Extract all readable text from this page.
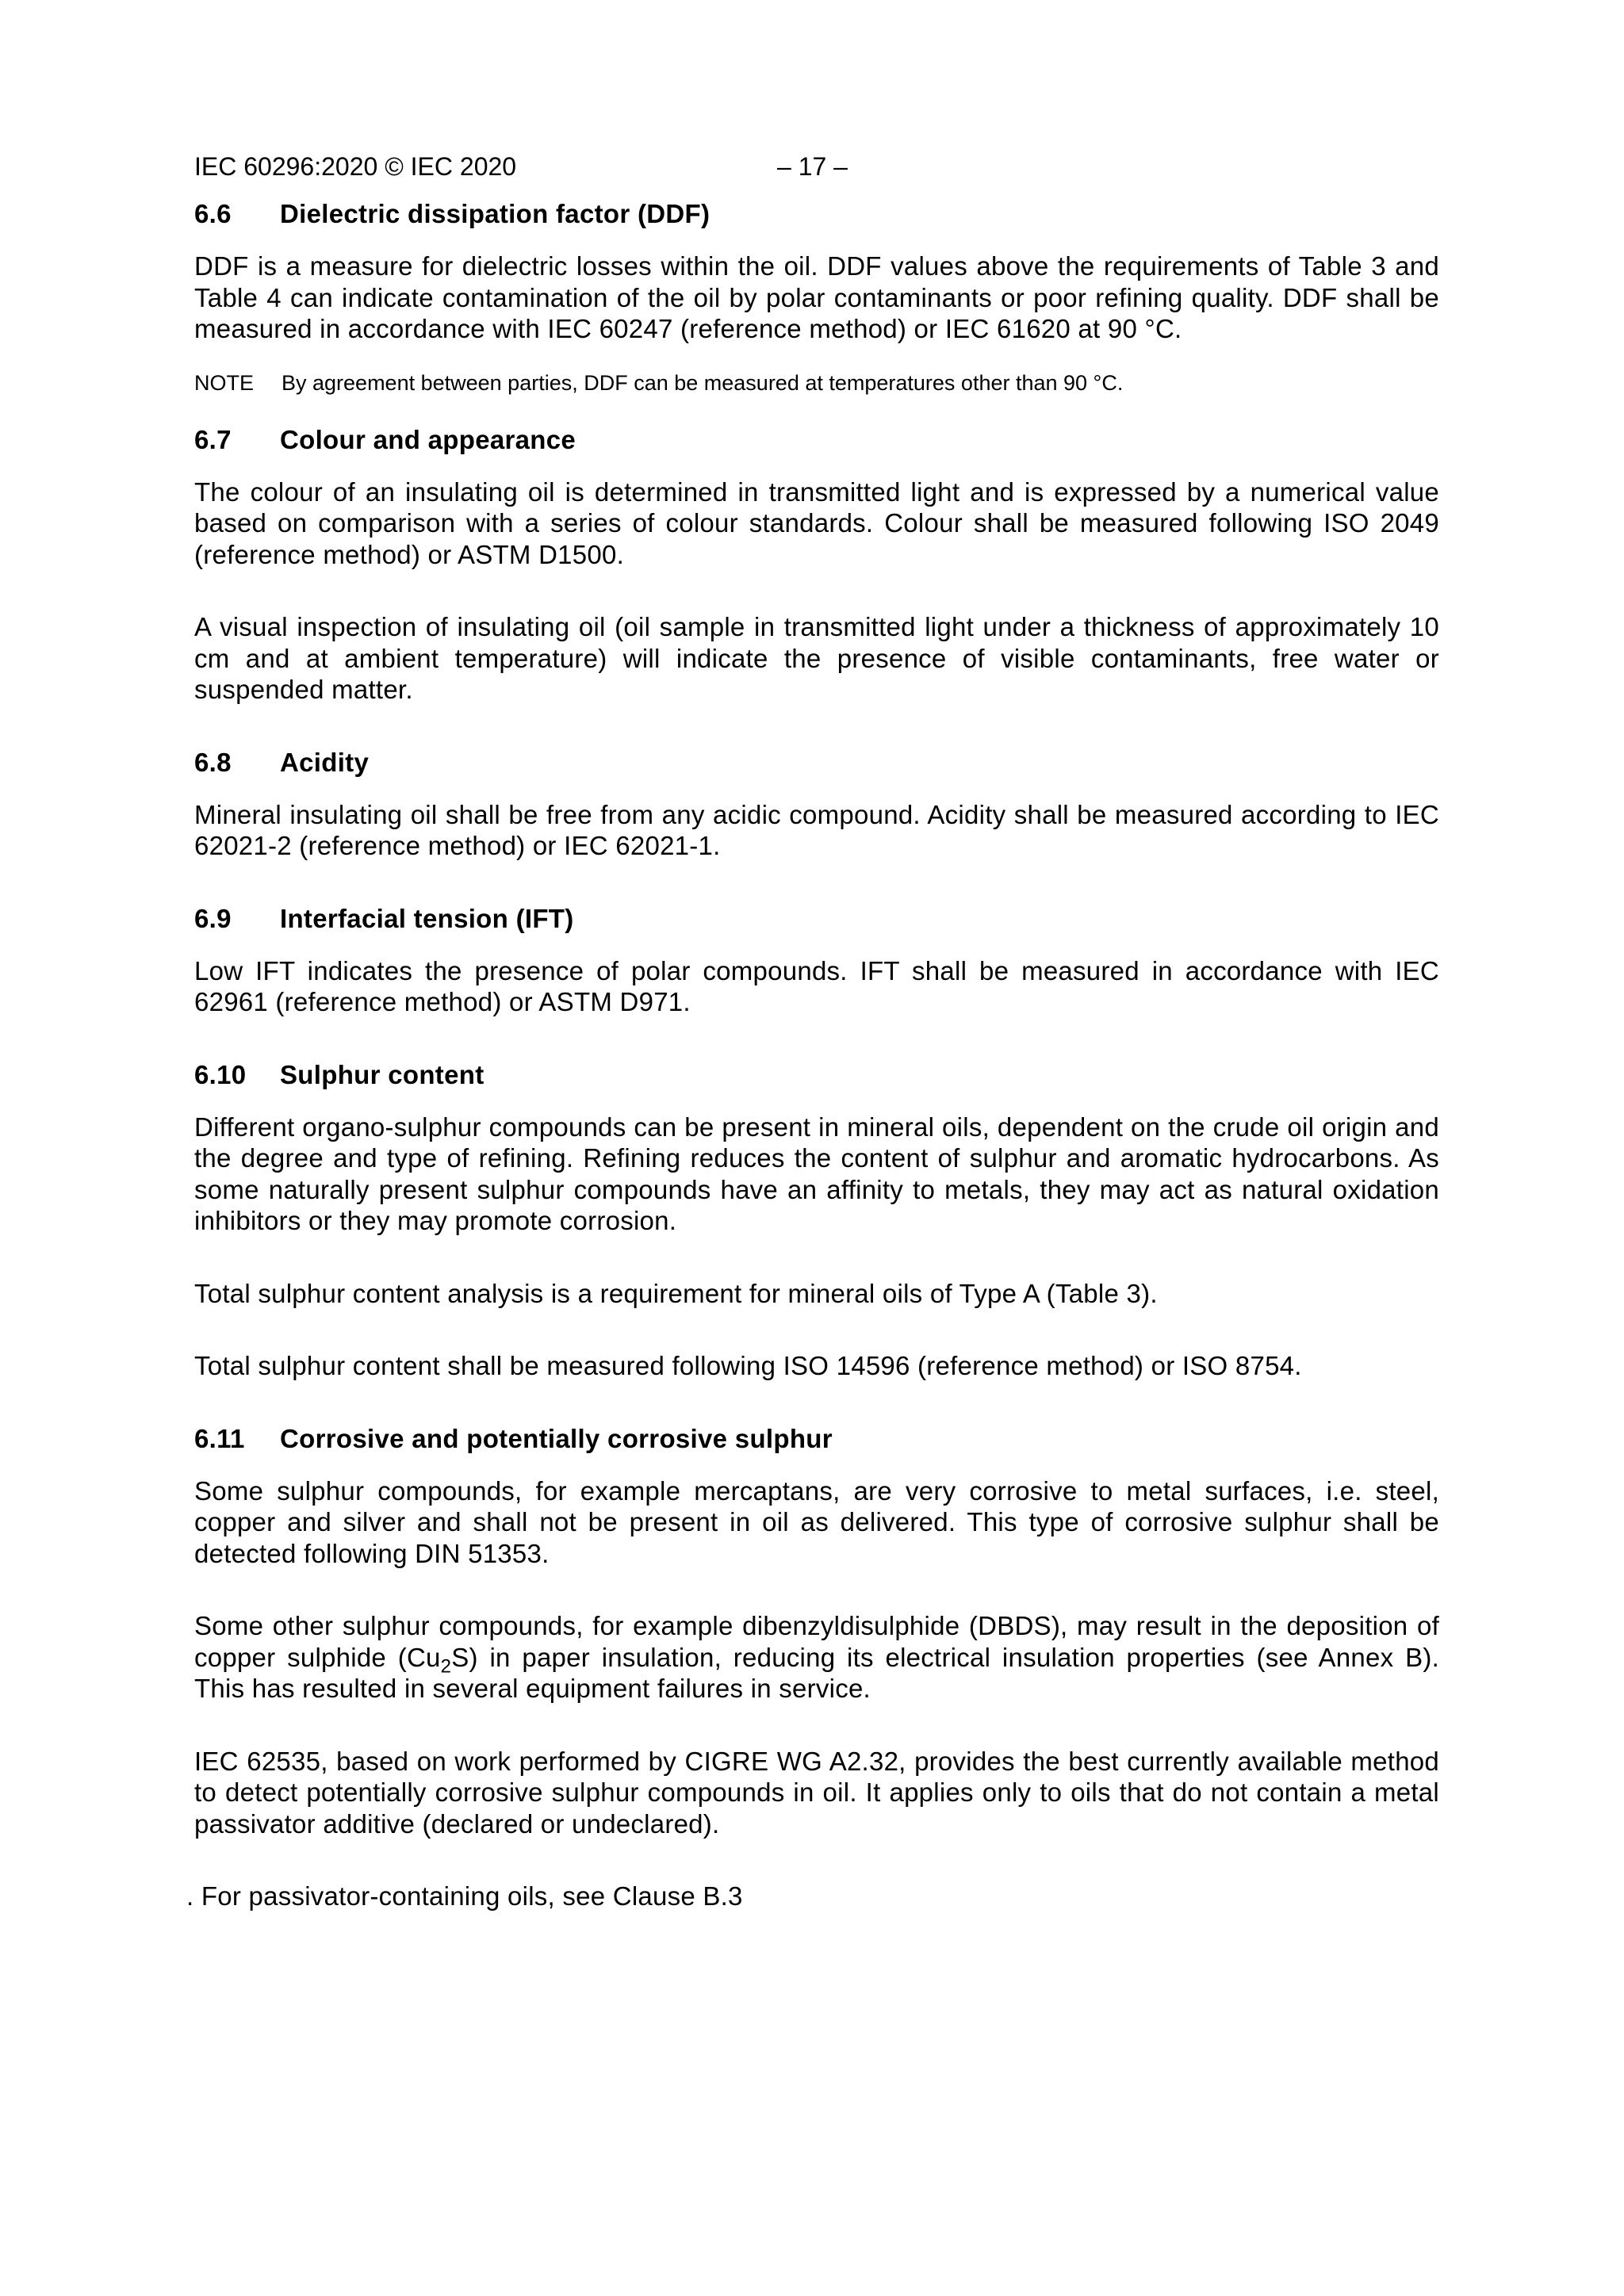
IEC 60296:2020 © IEC 2020	– 17 –
6.6 Dielectric dissipation factor (DDF)

DDF is a measure for dielectric losses within the oil. DDF values above the requirements of Table 3 and Table 4 can indicate contamination of the oil by polar contaminants or poor refining quality. DDF shall be measured in accordance with IEC 60247 (reference method) or IEC 61620 at 90 °C.

NOTE By agreement between parties, DDF can be measured at temperatures other than 90 °C.

6.7 Colour and appearance

The colour of an insulating oil is determined in transmitted light and is expressed by a numerical value based on comparison with a series of colour standards. Colour shall be measured following ISO 2049 (reference method) or ASTM D1500.

A visual inspection of insulating oil (oil sample in transmitted light under a thickness of approximately 10 cm and at ambient temperature) will indicate the presence of visible contaminants, free water or suspended matter.

6.8 Acidity

Mineral insulating oil shall be free from any acidic compound. Acidity shall be measured according to IEC 62021-2 (reference method) or IEC 62021-1.

6.9 Interfacial tension (IFT)

Low IFT indicates the presence of polar compounds. IFT shall be measured in accordance with IEC 62961 (reference method) or ASTM D971.

6.10 Sulphur content

Different organo-sulphur compounds can be present in mineral oils, dependent on the crude oil origin and the degree and type of refining. Refining reduces the content of sulphur and aromatic hydrocarbons. As some naturally present sulphur compounds have an affinity to metals, they may act as natural oxidation inhibitors or they may promote corrosion.

Total sulphur content analysis is a requirement for mineral oils of Type A (Table 3).

Total sulphur content shall be measured following ISO 14596 (reference method) or ISO 8754.

6.11 Corrosive and potentially corrosive sulphur

Some sulphur compounds, for example mercaptans, are very corrosive to metal surfaces, i.e. steel, copper and silver and shall not be present in oil as delivered. This type of corrosive sulphur shall be detected following DIN 51353.

Some other sulphur compounds, for example dibenzyldisulphide (DBDS), may result in the deposition of copper sulphide $(Cu_2S)$ in paper insulation, reducing its electrical insulation properties (see Annex B). This has resulted in several equipment failures in service.

IEC 62535, based on work performed by CIGRE WG A2.32, provides the best currently available method to detect potentially corrosive sulphur compounds in oil. It applies only to oils that do not contain a metal passivator additive (declared or undeclared).

. For passivator-containing oils, see Clause B.3
